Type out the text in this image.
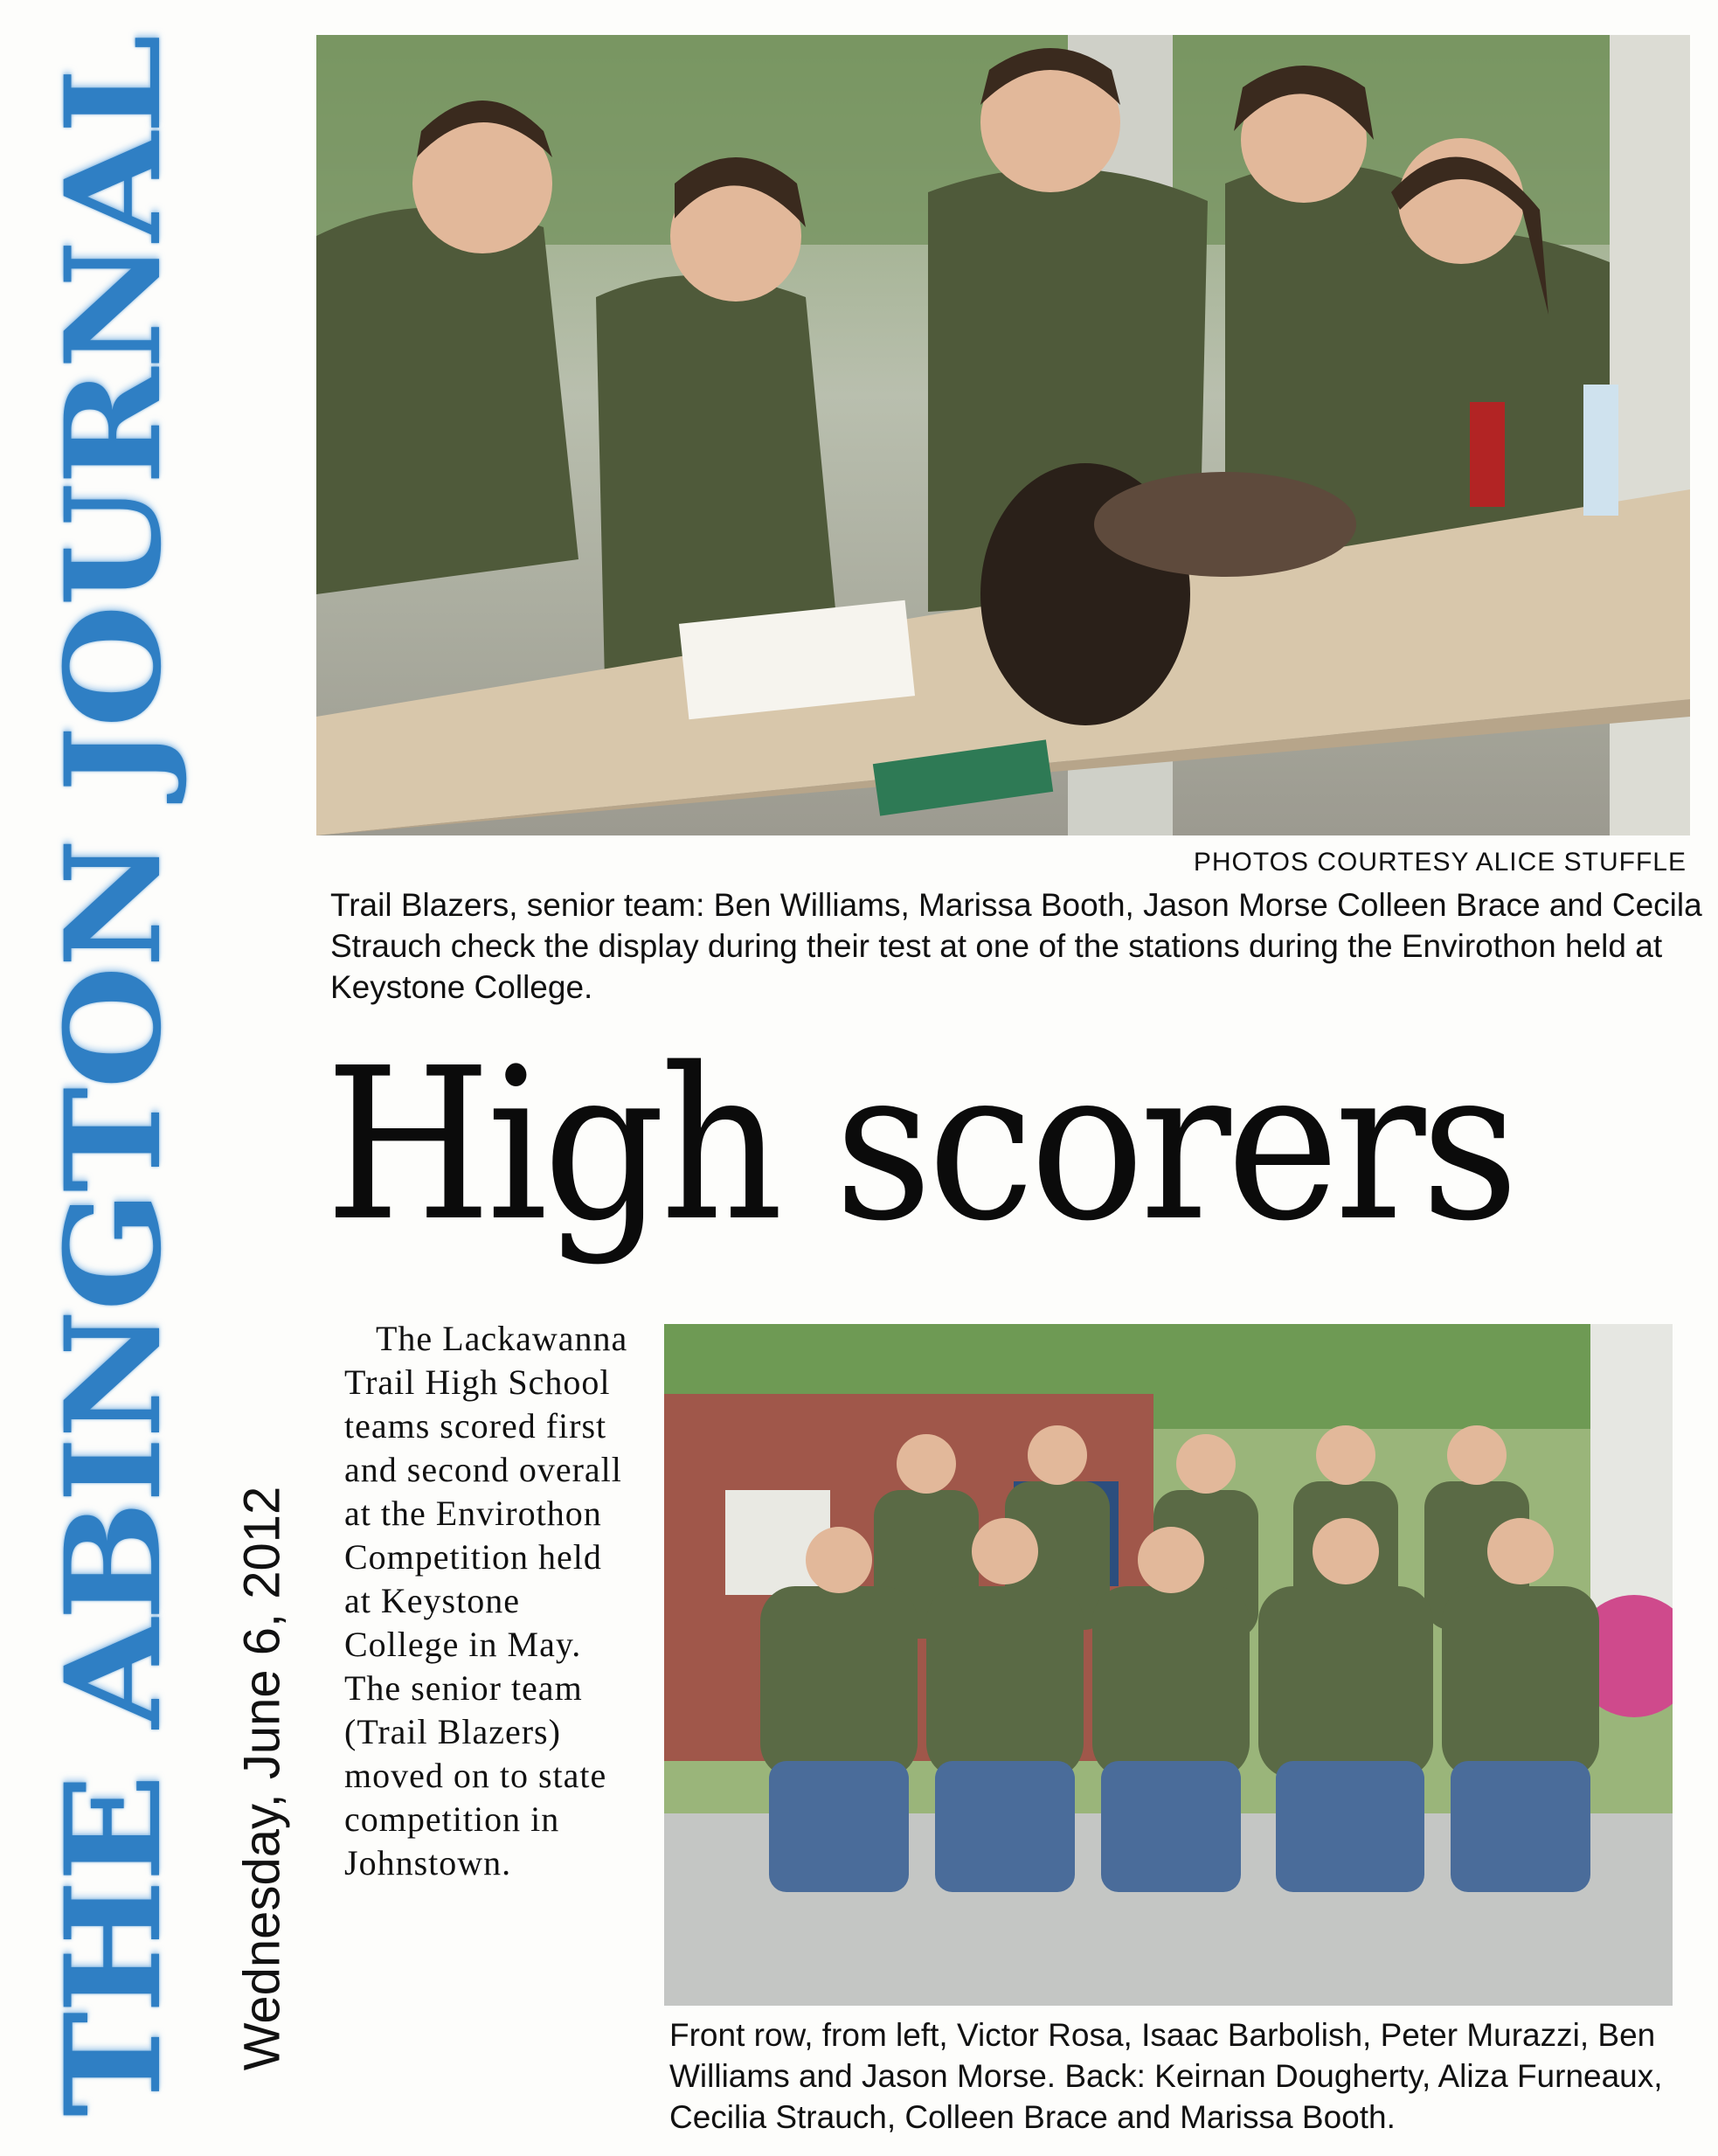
THE ABINGTON JOURNAL Wednesday, June 6, 2012
PHOTOS COURTESY ALICE STUFFLE
Trail Blazers, senior team: Ben Williams, Marissa Booth, Jason Morse Colleen Brace and Cecila Strauch check the display during their test at one of the stations during the Envirothon held at Keystone College.
High scorers
The Lackawanna Trail High School teams scored first and second overall at the Envirothon Competition held at Keystone College in May. The senior team (Trail Blazers) moved on to state competition in Johnstown.
Front row, from left, Victor Rosa, Isaac Barbolish, Peter Murazzi, Ben Williams and Jason Morse. Back: Keirnan Dougherty, Aliza Furneaux, Cecilia Strauch, Colleen Brace and Marissa Booth.
